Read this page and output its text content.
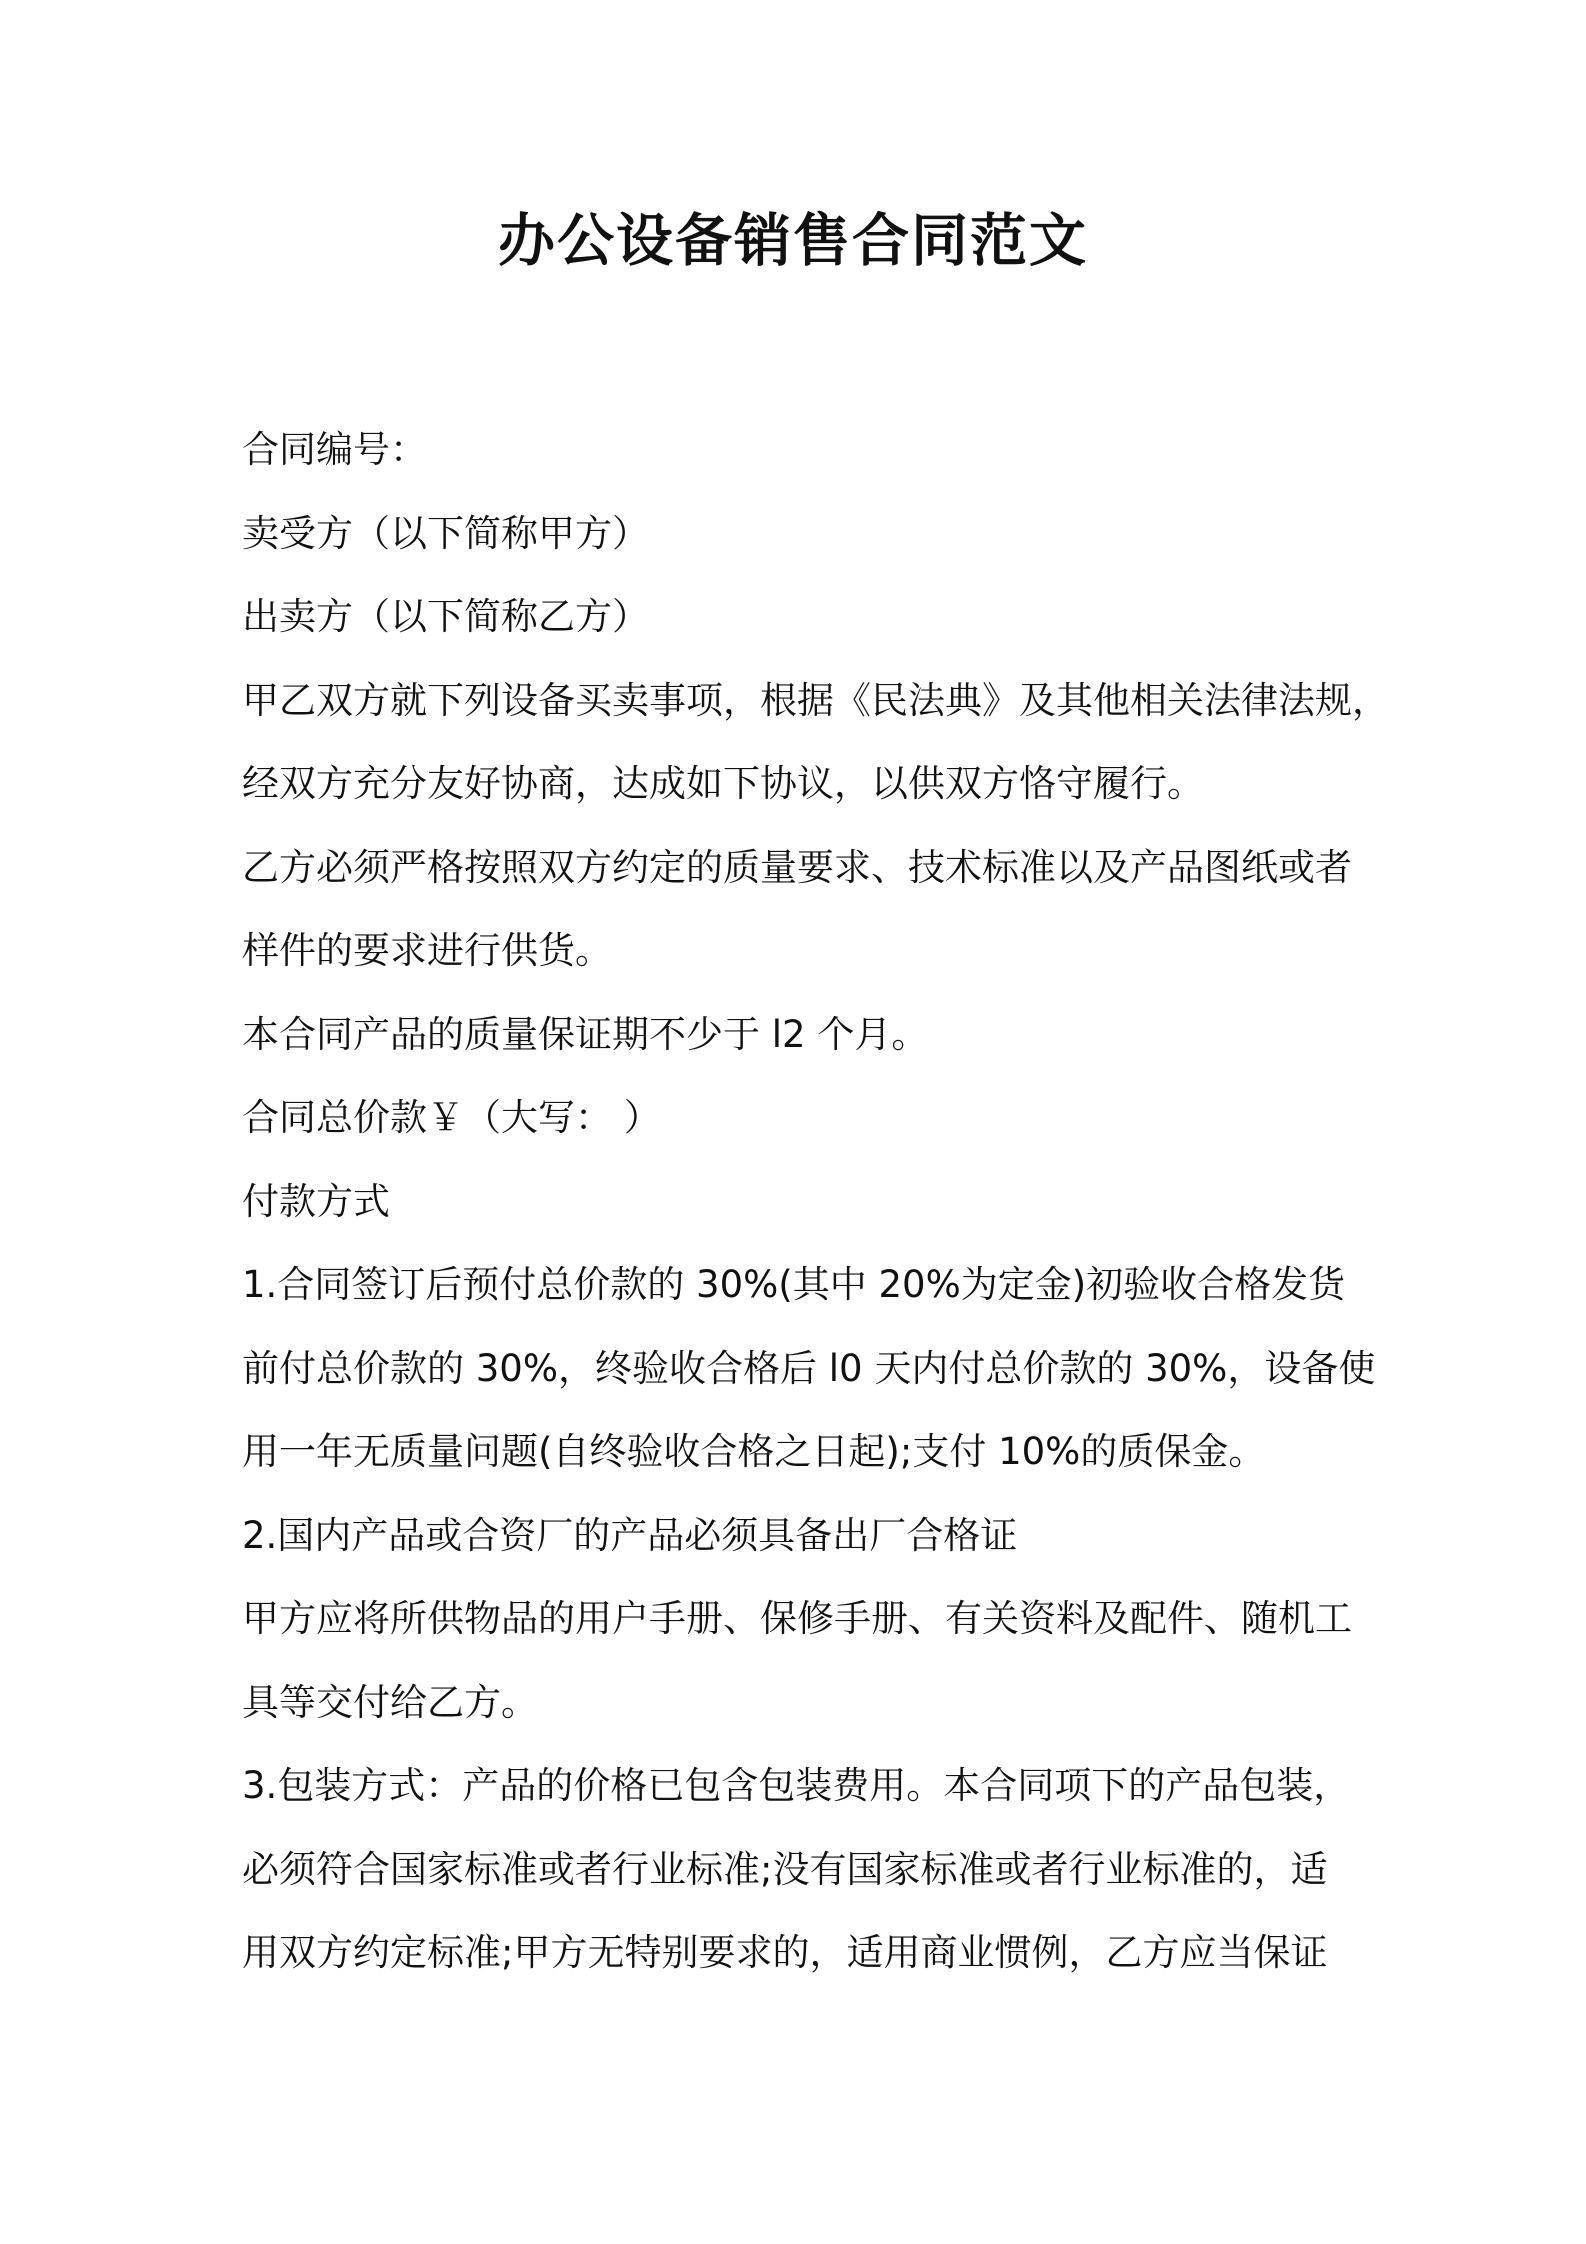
办公设备销售合同范文

合同编号：

卖受方（以下简称甲方）

出卖方（以下简称乙方）

甲乙双方就下列设备买卖事项，根据《民法典》及其他相关法律法规，

经双方充分友好协商，达成如下协议，以供双方恪守履行。

乙方必须严格按照双方约定的质量要求、技术标准以及产品图纸或者

样件的要求进行供货。

本合同产品的质量保证期不少于 l2 个月。

合同总价款￥（大写： ）

付款方式

1.合同签订后预付总价款的 30%(其中 20%为定金)初验收合格发货

前付总价款的 30%，终验收合格后 l0 天内付总价款的 30%，设备使

用一年无质量问题(自终验收合格之日起);支付 10%的质保金。

2.国内产品或合资厂的产品必须具备出厂合格证

甲方应将所供物品的用户手册、保修手册、有关资料及配件、随机工

具等交付给乙方。

3.包装方式：产品的价格已包含包装费用。本合同项下的产品包装，

必须符合国家标准或者行业标准;没有国家标准或者行业标准的，适

用双方约定标准;甲方无特别要求的，适用商业惯例，乙方应当保证
